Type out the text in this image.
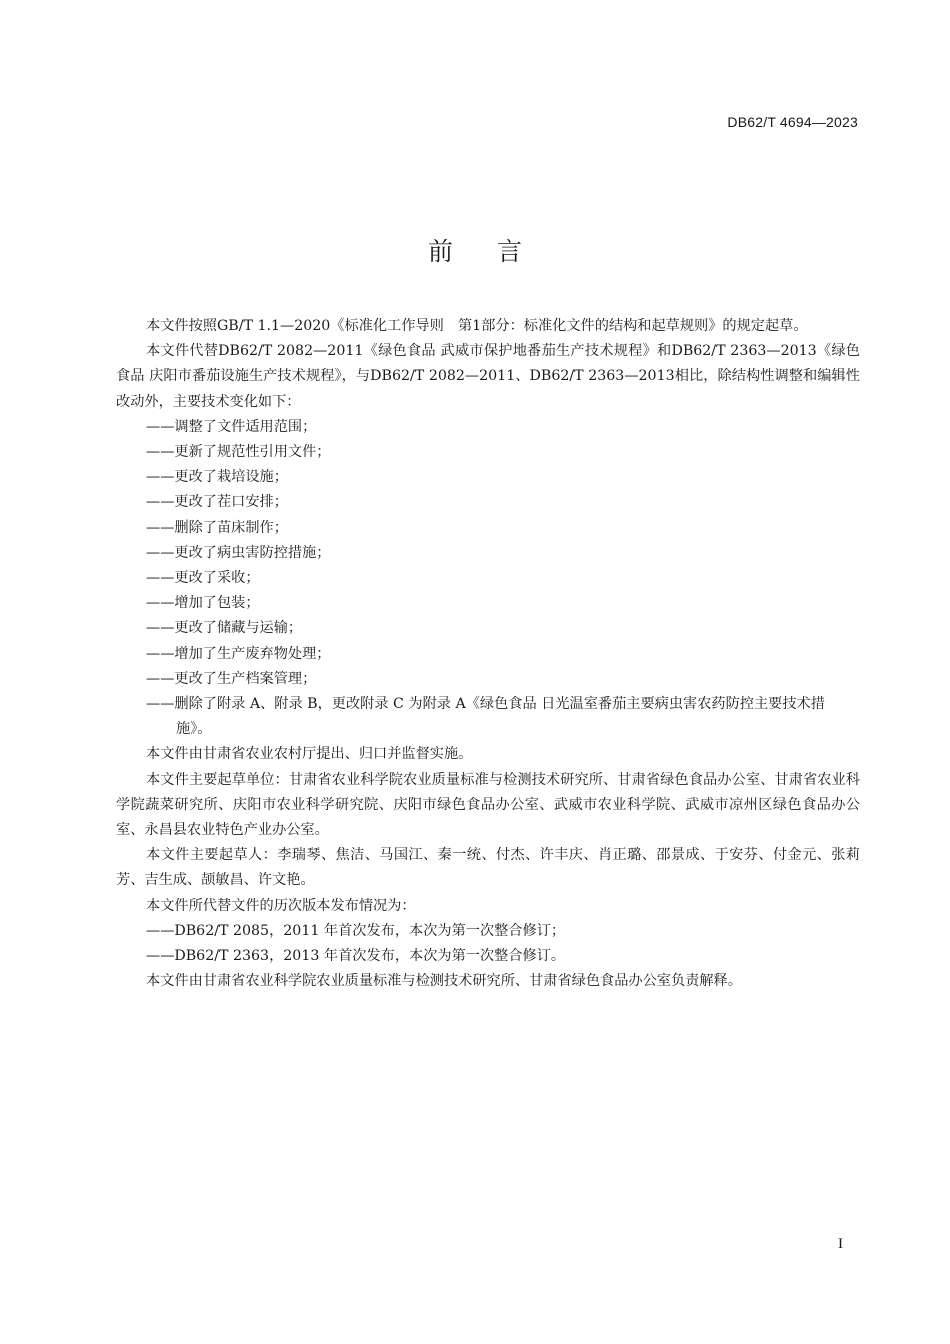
DB62/T 4694—2023
前言

本文件按照GB/T 1.1—2020《标准化工作导则　第1部分：标准化文件的结构和起草规则》的规定起草。

本文件代替DB62/T 2082—2011《绿色食品 武威市保护地番茄生产技术规程》和DB62/T 2363—2013《绿色食品 庆阳市番茄设施生产技术规程》，与DB62/T 2082—2011、DB62/T 2363—2013相比，除结构性调整和编辑性改动外，主要技术变化如下：

——调整了文件适用范围；

——更新了规范性引用文件；

——更改了栽培设施；

——更改了茬口安排；

——删除了苗床制作；

——更改了病虫害防控措施；

——更改了采收；

——增加了包装；

——更改了储藏与运输；

——增加了生产废弃物处理；

——更改了生产档案管理；

——删除了附录 A、附录 B，更改附录 C 为附录 A《绿色食品 日光温室番茄主要病虫害农药防控主要技术措施》。

本文件由甘肃省农业农村厅提出、归口并监督实施。

本文件主要起草单位：甘肃省农业科学院农业质量标准与检测技术研究所、甘肃省绿色食品办公室、甘肃省农业科学院蔬菜研究所、庆阳市农业科学研究院、庆阳市绿色食品办公室、武威市农业科学院、武威市凉州区绿色食品办公室、永昌县农业特色产业办公室。

本文件主要起草人：李瑞琴、焦洁、马国江、秦一统、付杰、许丰庆、肖正璐、邵景成、于安芬、付金元、张莉芳、吉生成、颉敏昌、许文艳。

本文件所代替文件的历次版本发布情况为：

——DB62/T 2085，2011 年首次发布，本次为第一次整合修订；

——DB62/T 2363，2013 年首次发布，本次为第一次整合修订。

本文件由甘肃省农业科学院农业质量标准与检测技术研究所、甘肃省绿色食品办公室负责解释。

I
